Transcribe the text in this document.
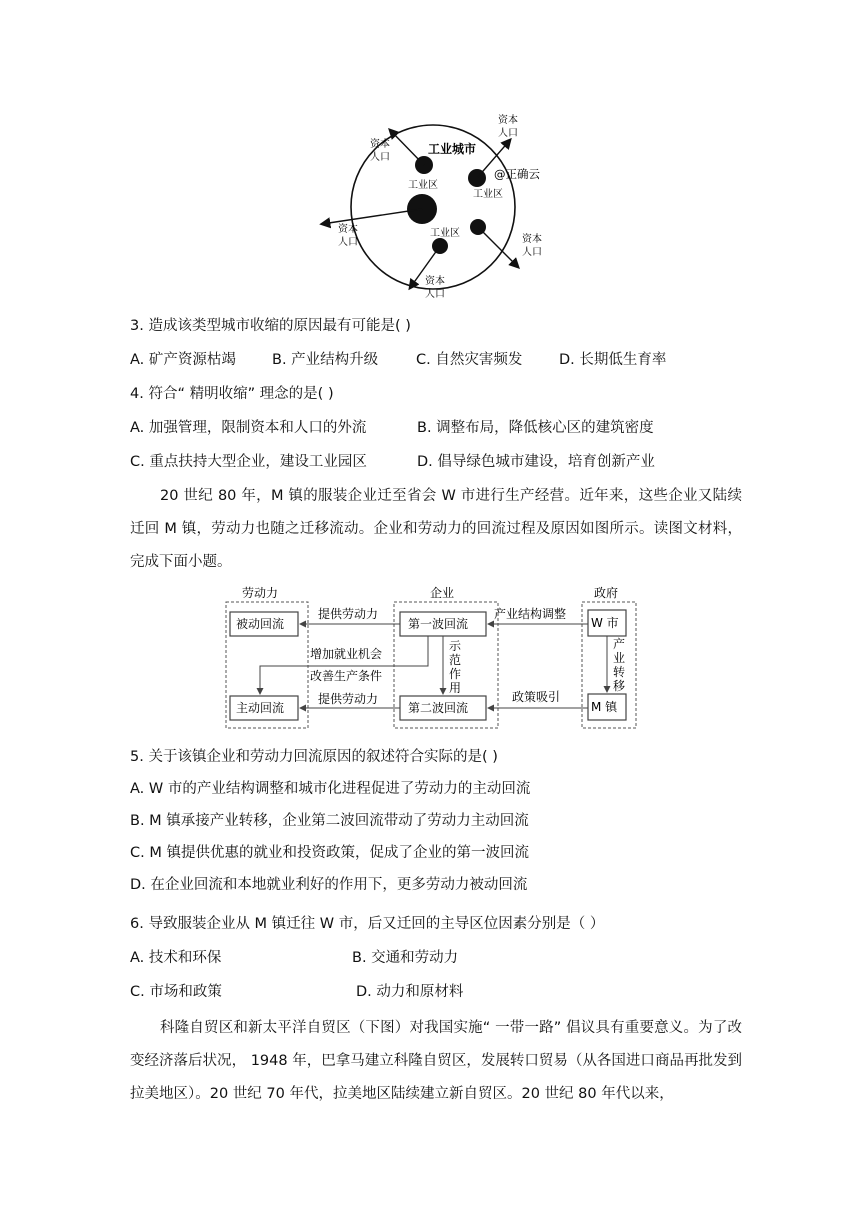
工业城市
工业区
工业区
工业区
@正确云
资本
人口
资本
人口
资本
人口	资本
人口
资本
人口
3. 造成该类型城市收缩的原因最有可能是( )
A. 矿产资源枯竭 B. 产业结构升级	C. 自然灾害频发	D. 长期低生育率
4. 符合“ 精明收缩” 理念的是( )
A. 加强管理，限制资本和人口的外流	B. 调整布局，降低核心区的建筑密度
C. 重点扶持大型企业，建设工业园区	D. 倡导绿色城市建设，培育创新产业
20 世纪 80 年，M 镇的服装企业迁至省会 W 市进行生产经营。近年来，这些企业又陆续迁回 M 镇，劳动力也随之迁移流动。企业和劳动力的回流过程及原因如图所示。读图文材料，完成下面小题。
劳动力	企业	政府
被动回流
主动回流
第一波回流
第二波回流
W 市
M 镇
提供劳动力
提供劳动力
产业结构调整
政策吸引
增加就业机会
改善生产条件
示
范
作
用
产
业
转
移
5. 关于该镇企业和劳动力回流原因的叙述符合实际的是( )
A. W 市的产业结构调整和城市化进程促进了劳动力的主动回流
B. M 镇承接产业转移，企业第二波回流带动了劳动力主动回流
C. M 镇提供优惠的就业和投资政策，促成了企业的第一波回流
D. 在企业回流和本地就业利好的作用下，更多劳动力被动回流
6. 导致服装企业从 M 镇迁往 W 市，后又迁回的主导区位因素分别是（ ）
A. 技术和环保	B. 交通和劳动力
C. 市场和政策	D. 动力和原材料
科隆自贸区和新太平洋自贸区（下图）对我国实施“ 一带一路” 倡议具有重要意义。为了改变经济落后状况， 1948 年，巴拿马建立科隆自贸区，发展转口贸易（从各国进口商品再批发到拉美地区）。20 世纪 70 年代，拉美地区陆续建立新自贸区。20 世纪 80 年代以来，
